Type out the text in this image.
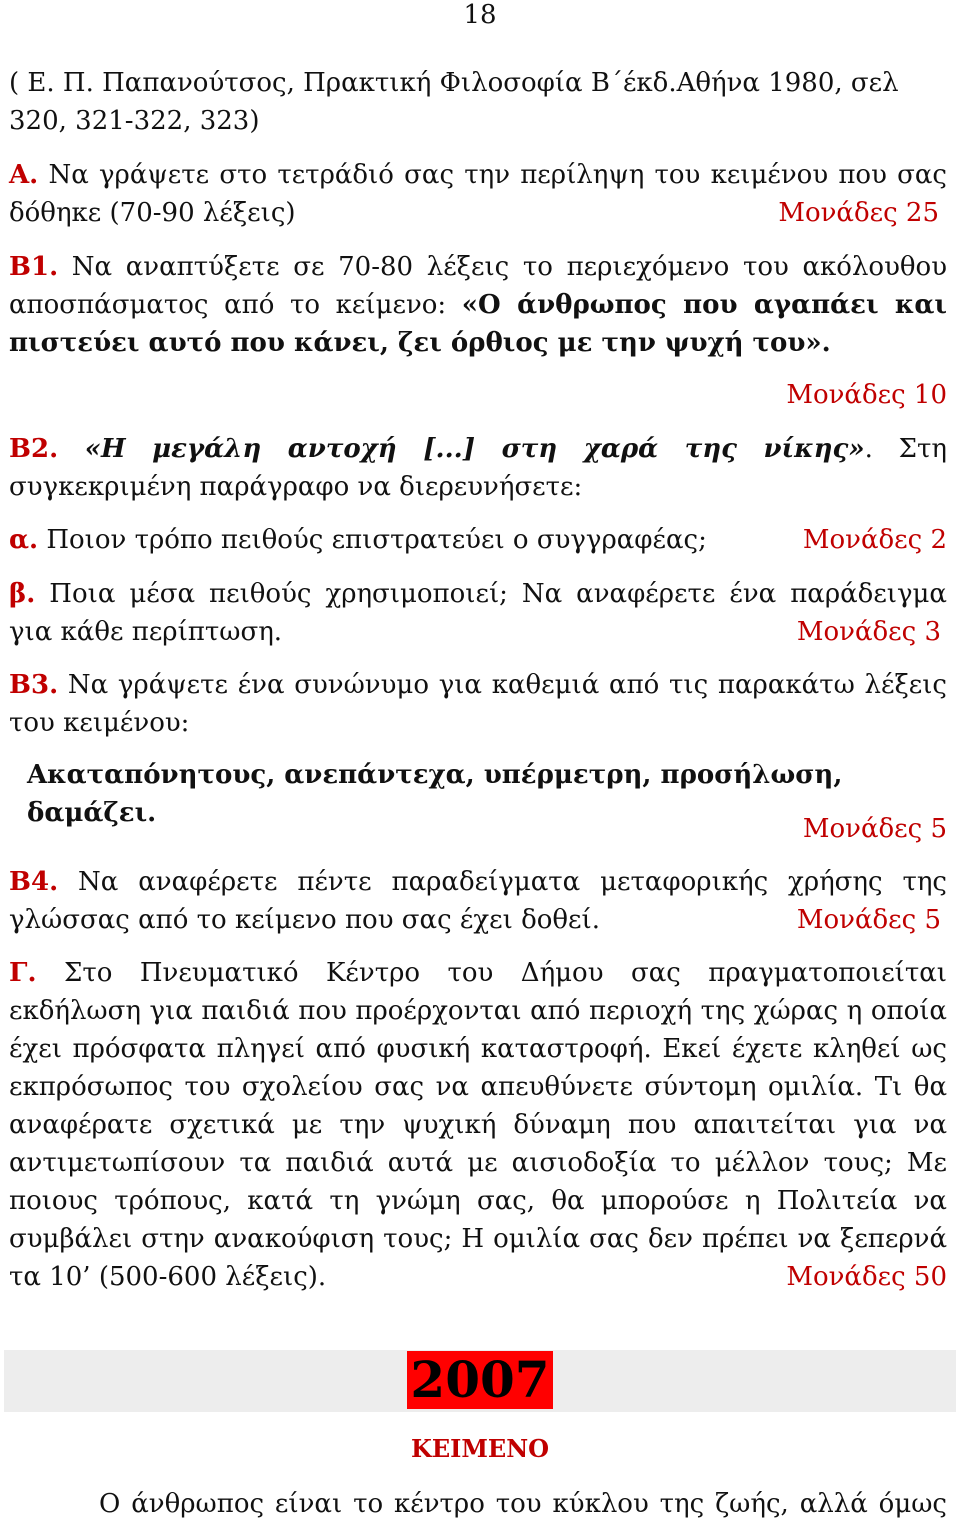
18
( Ε. Π. Παπανούτσος, Πρακτική Φιλοσοφία Β΄έκδ.Αθήνα 1980, σελ
320, 321-322, 323)
Α. Να γράψετε στο τετράδιό σας την περίληψη του κειμένου που σας
δόθηκε (70-90 λέξεις)	Μονάδες 25
Β1. Να αναπτύξετε σε 70-80 λέξεις το περιεχόμενο του ακόλουθου αποσπάσματος από το κείμενο: «Ο άνθρωπος που αγαπάει και πιστεύει αυτό που κάνει, ζει όρθιος με την ψυχή του».
Μονάδες 10
Β2. «Η μεγάλη αντοχή [...] στη χαρά της νίκης». Στη συγκεκριμένη παράγραφο να διερευνήσετε:
α. Ποιον τρόπο πειθούς επιστρατεύει ο συγγραφέας;	Μονάδες 2
β. Ποια μέσα πειθούς χρησιμοποιεί; Να αναφέρετε ένα παράδειγμα
για κάθε περίπτωση.	Μονάδες 3
Β3. Να γράψετε ένα συνώνυμο για καθεμιά από τις παρακάτω λέξεις του κειμένου:
Ακαταπόνητους, ανεπάντεχα, υπέρμετρη, προσήλωση, δαμάζει.
Μονάδες 5
Β4. Να αναφέρετε πέντε παραδείγματα μεταφορικής χρήσης της
γλώσσας από το κείμενο που σας έχει δοθεί.	Μονάδες 5
Γ. Στο Πνευματικό Κέντρο του Δήμου σας πραγματοποιείται εκδήλωση για παιδιά που προέρχονται από περιοχή της χώρας η οποία έχει πρόσφατα πληγεί από φυσική καταστροφή. Εκεί έχετε κληθεί ως εκπρόσωπος του σχολείου σας να απευθύνετε σύντομη ομιλία. Τι θα αναφέρατε σχετικά με την ψυχική δύναμη που απαιτείται για να αντιμετωπίσουν τα παιδιά αυτά με αισιοδοξία το μέλλον τους; Με ποιους τρόπους, κατά τη γνώμη σας, θα μπορούσε η Πολιτεία να συμβάλει στην ανακούφιση τους; Η ομιλία σας δεν πρέπει να ξεπερνά
τα 10’ (500-600 λέξεις).	Μονάδες 50
2007
ΚΕΙΜΕΝΟ
Ο άνθρωπος είναι το κέντρο του κύκλου της ζωής, αλλά όμως
